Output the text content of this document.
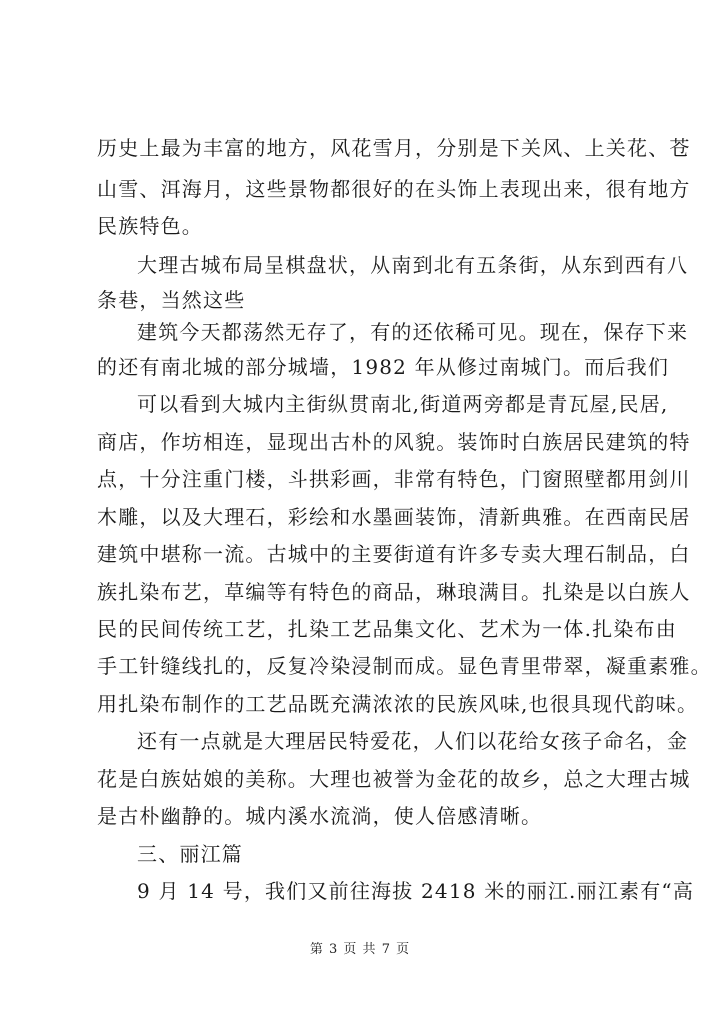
历史上最为丰富的地方，风花雪月，分别是下关风、上关花、苍
山雪、洱海月，这些景物都很好的在头饰上表现出来，很有地方
民族特色。
大理古城布局呈棋盘状，从南到北有五条街，从东到西有八
条巷，当然这些
建筑今天都荡然无存了，有的还依稀可见。现在，保存下来
的还有南北城的部分城墙，1982 年从修过南城门。而后我们
可以看到大城内主街纵贯南北,街道两旁都是青瓦屋,民居,
商店，作坊相连，显现出古朴的风貌。装饰时白族居民建筑的特
点，十分注重门楼，斗拱彩画，非常有特色，门窗照壁都用剑川
木雕，以及大理石，彩绘和水墨画装饰，清新典雅。在西南民居
建筑中堪称一流。古城中的主要街道有许多专卖大理石制品，白
族扎染布艺，草编等有特色的商品，琳琅满目。扎染是以白族人
民的民间传统工艺，扎染工艺品集文化、艺术为一体.扎染布由
手工针缝线扎的，反复冷染浸制而成。显色青里带翠，凝重素雅。
用扎染布制作的工艺品既充满浓浓的民族风味,也很具现代韵味。
还有一点就是大理居民特爱花，人们以花给女孩子命名，金
花是白族姑娘的美称。大理也被誉为金花的故乡，总之大理古城
是古朴幽静的。城内溪水流淌，使人倍感清晰。
三、丽江篇
9 月 14 号，我们又前往海拔 2418 米的丽江.丽江素有“高
第 3 页 共 7 页
